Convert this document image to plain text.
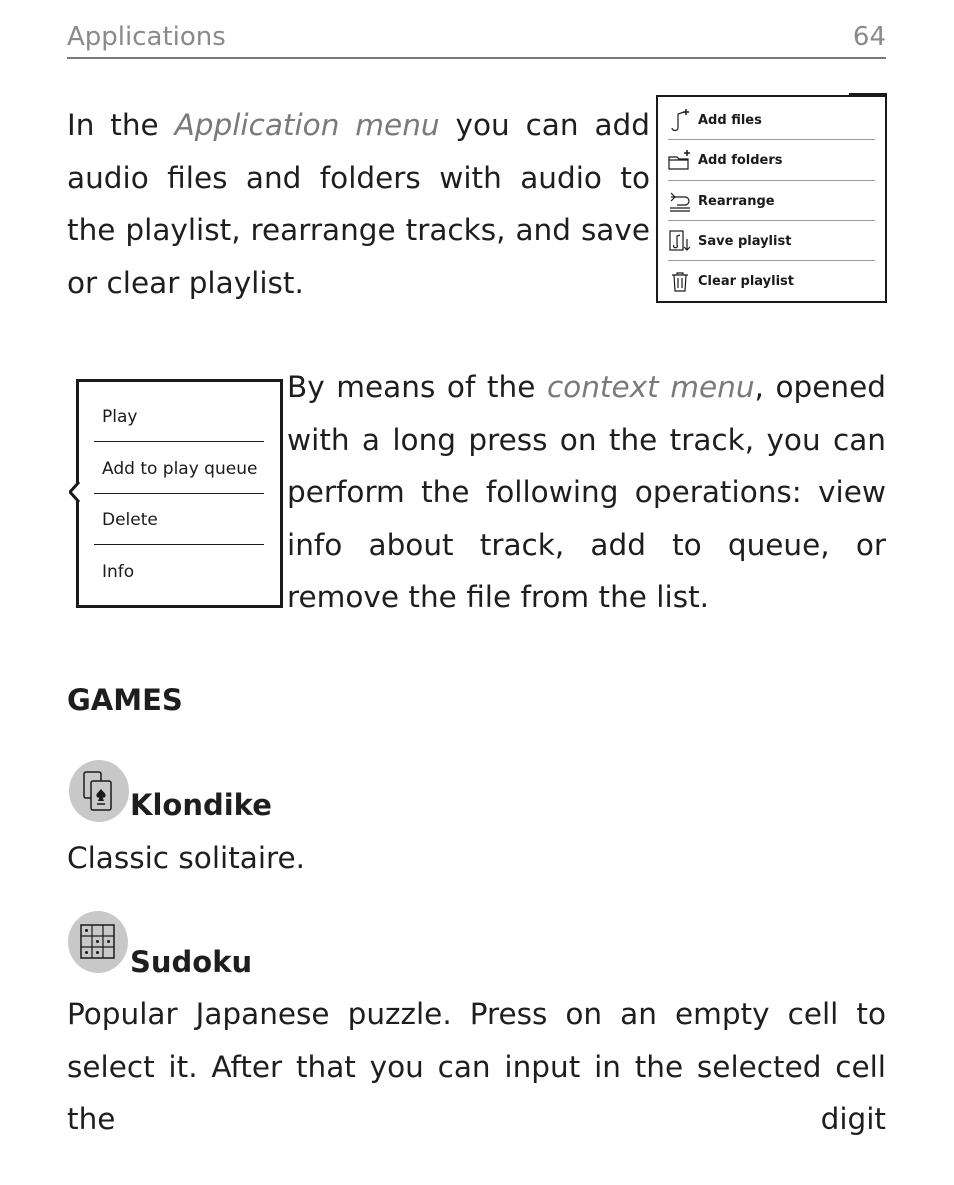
Applications	64

In the Application menu you can add audio files and folders with audio to the playlist, rearrange tracks, and save or clear playlist.

Add files
Add folders
Rearrange
Save playlist
Clear playlist
Play
Add to play queue
Delete
Info

By means of the context menu, opened with a long press on the track, you can perform the following operations: view info about track, add to queue, or remove the file from the list.

GAMES
Klondike

Classic solitaire.

Sudoku

Popular Japanese puzzle. Press on an empty cell to select it. After that you can input in the selected cell the digit
